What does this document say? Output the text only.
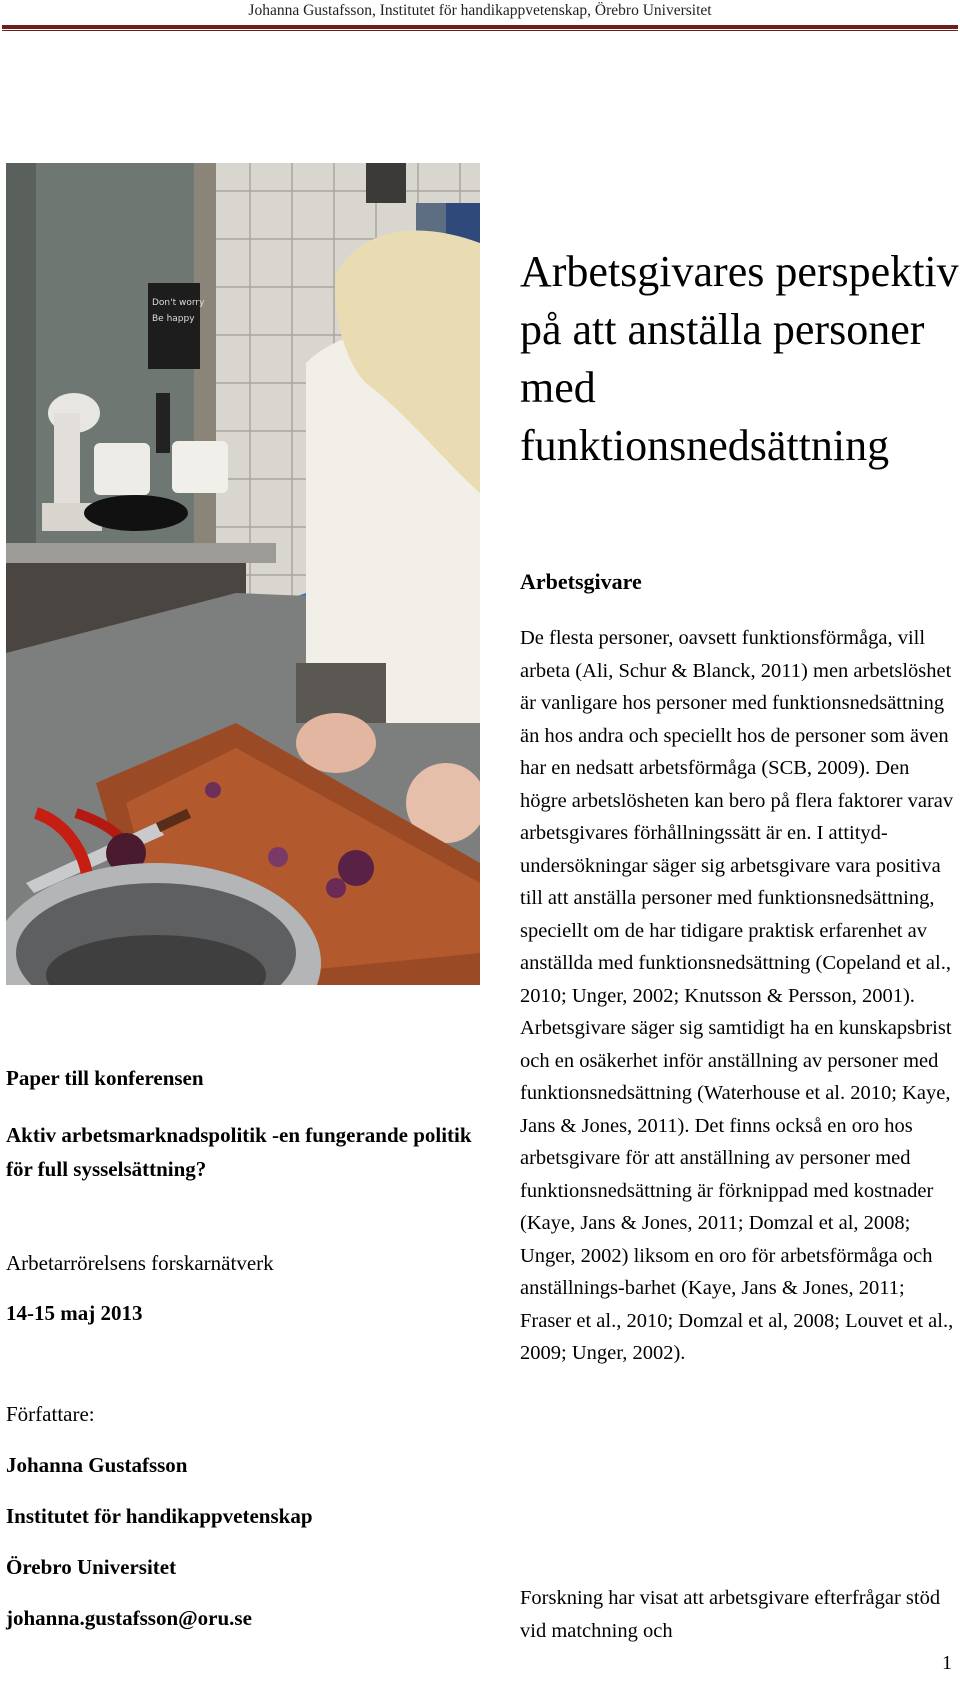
Johanna Gustafsson, Institutet för handikappvetenskap, Örebro Universitet
Don't worry
Be happy
Arbetsgivares perspektiv på att anställa personer med funktionsnedsättning
Arbetsgivare

De flesta personer, oavsett funktionsförmåga, vill arbeta (Ali, Schur & Blanck, 2011) men arbetslöshet är vanligare hos personer med funktionsnedsättning än hos andra och speciellt hos de personer som även har en nedsatt arbetsförmåga (SCB, 2009). Den högre arbetslösheten kan bero på flera faktorer varav arbetsgivares förhållningssätt är en. I attityd-undersökningar säger sig arbetsgivare vara positiva till att anställa personer med funktionsnedsättning, speciellt om de har tidigare praktisk erfarenhet av anställda med funktionsnedsättning (Copeland et al., 2010; Unger, 2002; Knutsson & Persson, 2001). Arbetsgivare säger sig samtidigt ha en kunskapsbrist och en osäkerhet inför anställning av personer med funktionsnedsättning (Waterhouse et al. 2010; Kaye, Jans & Jones, 2011). Det finns också en oro hos arbetsgivare för att anställning av personer med funktionsnedsättning är förknippad med kostnader (Kaye, Jans & Jones, 2011; Domzal et al, 2008; Unger, 2002) liksom en oro för arbetsförmåga och anställnings-barhet (Kaye, Jans & Jones, 2011; Fraser et al., 2010; Domzal et al, 2008; Louvet et al., 2009; Unger, 2002).

Forskning har visat att arbetsgivare efterfrågar stöd vid matchning och

Paper till konferensen
Aktiv arbetsmarknadspolitik -en fungerande politik för full sysselsättning?
Arbetarrörelsens forskarnätverk
14-15 maj 2013
Författare:
Johanna Gustafsson
Institutet för handikappvetenskap
Örebro Universitet
johanna.gustafsson@oru.se
1
